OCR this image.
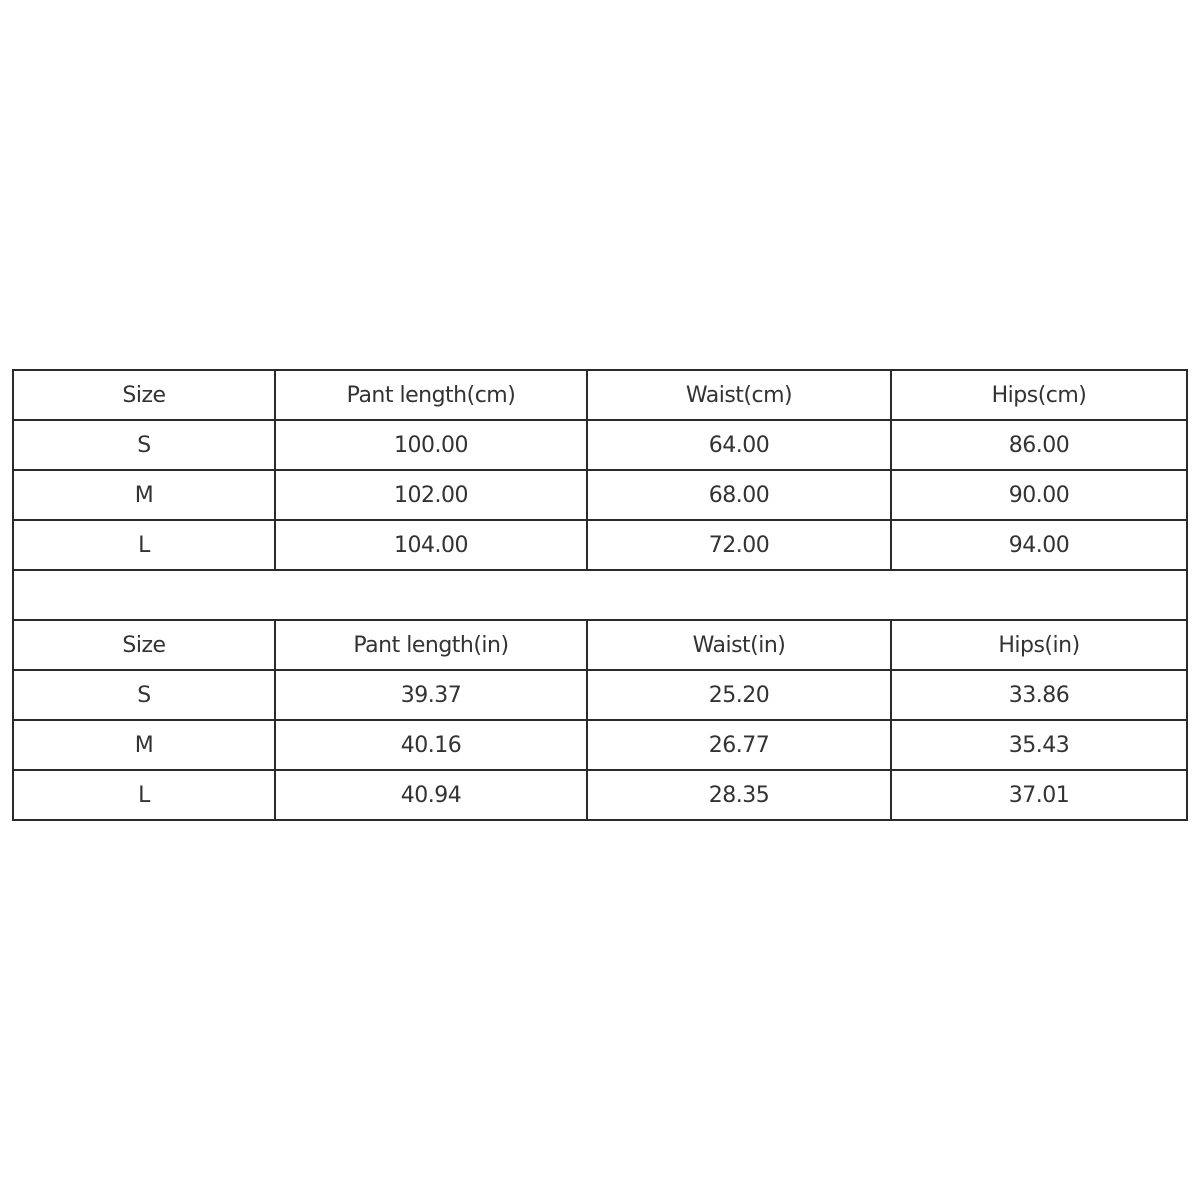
Size	Pant length(cm)	Waist(cm)	Hips(cm)
S	100.00	64.00	86.00
M	102.00	68.00	90.00
L	104.00	72.00	94.00

Size	Pant length(in)	Waist(in)	Hips(in)
S	39.37	25.20	33.86
M	40.16	26.77	35.43
L	40.94	28.35	37.01
